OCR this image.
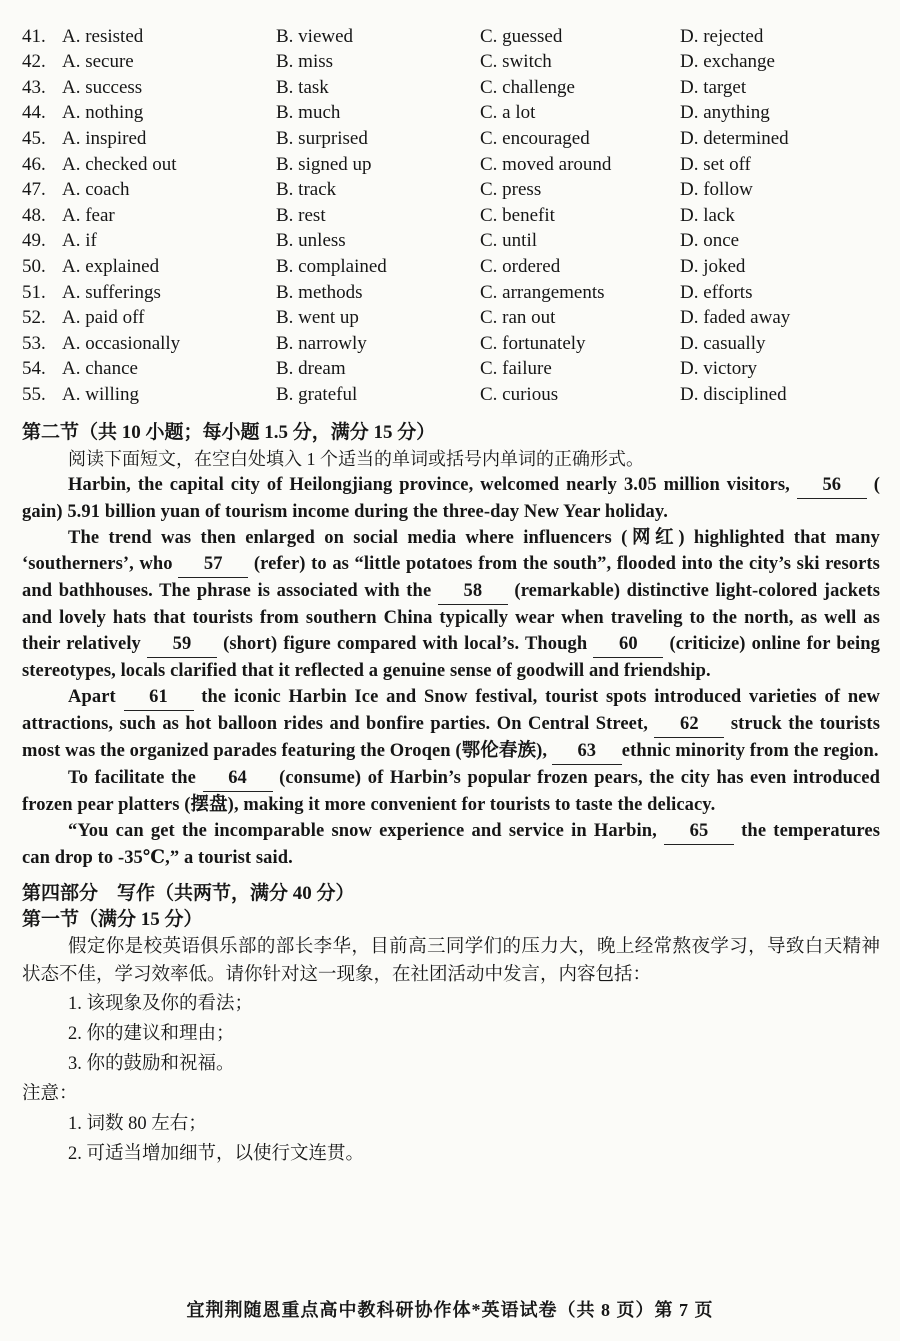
41. A. resisted	B. viewed	C. guessed	D. rejected
42. A. secure	B. miss	C. switch	D. exchange
43. A. success	B. task	C. challenge	D. target
44. A. nothing	B. much	C. a lot	D. anything
45. A. inspired	B. surprised	C. encouraged	D. determined
46. A. checked out	B. signed up	C. moved around	D. set off
47. A. coach	B. track	C. press	D. follow
48. A. fear	B. rest	C. benefit	D. lack
49. A. if	B. unless	C. until	D. once
50. A. explained	B. complained	C. ordered	D. joked
51. A. sufferings	B. methods	C. arrangements	D. efforts
52. A. paid off	B. went up	C. ran out	D. faded away
53. A. occasionally	B. narrowly	C. fortunately	D. casually
54. A. chance	B. dream	C. failure	D. victory
55. A. willing	B. grateful	C. curious	D. disciplined
第二节（共 10 小题；每小题 1.5 分，满分 15 分）
阅读下面短文，在空白处填入 1 个适当的单词或括号内单词的正确形式。
Harbin, the capital city of Heilongjiang province, welcomed nearly 3.05 million visitors, 56 ( gain) 5.91 billion yuan of tourism income during the three-day New Year holiday.
The trend was then enlarged on social media where influencers (网红) highlighted that many ‘southerners’, who 57 (refer) to as “little potatoes from the south”, flooded into the city’s ski resorts and bathhouses. The phrase is associated with the 58 (remarkable) distinctive light-colored jackets and lovely hats that tourists from southern China typically wear when traveling to the north, as well as their relatively 59 (short) figure compared with local’s. Though 60 (criticize) online for being stereotypes, locals clarified that it reflected a genuine sense of goodwill and friendship.
Apart 61 the iconic Harbin Ice and Snow festival, tourist spots introduced varieties of new attractions, such as hot balloon rides and bonfire parties. On Central Street, 62 struck the tourists most was the organized parades featuring the Oroqen (鄂伦春族), 63 ethnic minority from the region.
To facilitate the 64 (consume) of Harbin’s popular frozen pears, the city has even introduced frozen pear platters (摆盘), making it more convenient for tourists to taste the delicacy.
“You can get the incomparable snow experience and service in Harbin, 65 the temperatures can drop to -35℃,” a tourist said.
第四部分　写作（共两节，满分 40 分）
第一节（满分 15 分）
假定你是校英语俱乐部的部长李华，目前高三同学们的压力大，晚上经常熬夜学习，导致白天精神状态不佳，学习效率低。请你针对这一现象，在社团活动中发言，内容包括：
1. 该现象及你的看法；
2. 你的建议和理由；
3. 你的鼓励和祝福。
注意：
1. 词数 80 左右；
2. 可适当增加细节，以使行文连贯。
宜荆荆随恩重点高中教科研协作体*英语试卷（共 8 页）第 7 页
